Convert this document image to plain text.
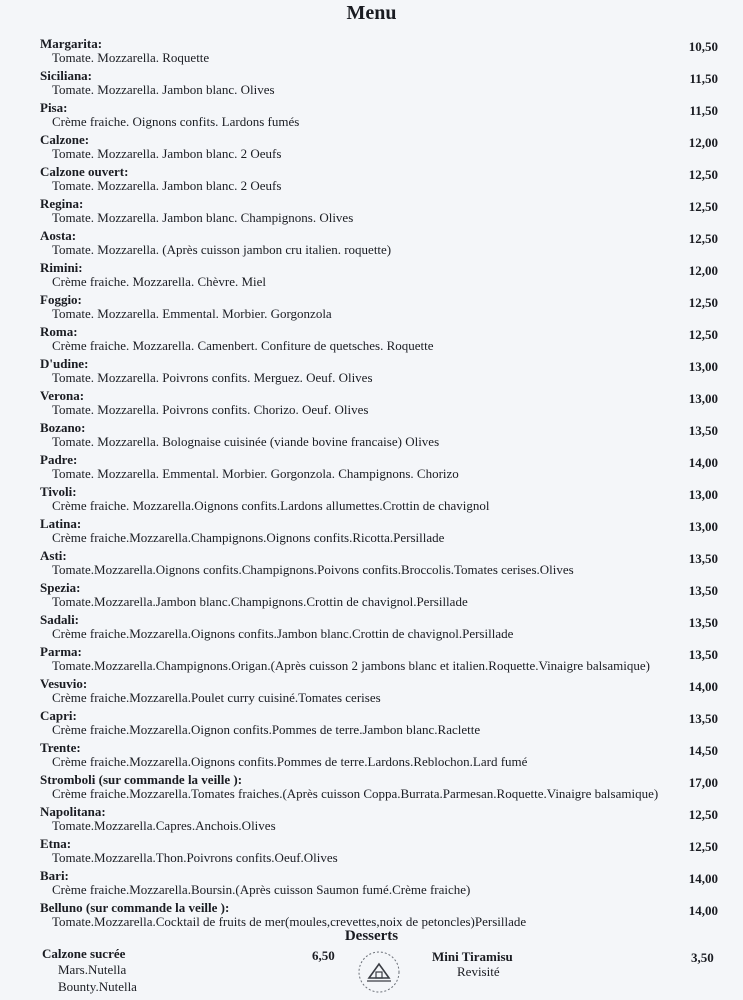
Menu
Margarita:
Tomate. Mozzarella. Roquette
10,50
Siciliana:
Tomate. Mozzarella. Jambon blanc. Olives
11,50
Pisa:
Crème fraiche. Oignons confits. Lardons fumés
11,50
Calzone:
Tomate. Mozzarella. Jambon blanc. 2 Oeufs
12,00
Calzone ouvert:
Tomate. Mozzarella. Jambon blanc. 2 Oeufs
12,50
Regina:
Tomate. Mozzarella. Jambon blanc. Champignons. Olives
12,50
Aosta:
Tomate. Mozzarella. (Après cuisson jambon cru italien. roquette)
12,50
Rimini:
Crème fraiche. Mozzarella. Chèvre. Miel
12,00
Foggio:
Tomate. Mozzarella. Emmental. Morbier. Gorgonzola
12,50
Roma:
Crème fraiche. Mozzarella. Camenbert. Confiture de quetsches. Roquette
12,50
D'udine:
Tomate. Mozzarella. Poivrons confits. Merguez. Oeuf. Olives
13,00
Verona:
Tomate. Mozzarella. Poivrons confits. Chorizo. Oeuf. Olives
13,00
Bozano:
Tomate. Mozzarella. Bolognaise cuisinée (viande bovine francaise) Olives
13,50
Padre:
Tomate. Mozzarella. Emmental. Morbier. Gorgonzola. Champignons. Chorizo
14,00
Tivoli:
Crème fraiche. Mozzarella.Oignons confits.Lardons allumettes.Crottin de chavignol
13,00
Latina:
Crème fraiche.Mozzarella.Champignons.Oignons confits.Ricotta.Persillade
13,00
Asti:
Tomate.Mozzarella.Oignons confits.Champignons.Poivons confits.Broccolis.Tomates cerises.Olives
13,50
Spezia:
Tomate.Mozzarella.Jambon blanc.Champignons.Crottin de chavignol.Persillade
13,50
Sadali:
Crème fraiche.Mozzarella.Oignons confits.Jambon blanc.Crottin de chavignol.Persillade
13,50
Parma:
Tomate.Mozzarella.Champignons.Origan.(Après cuisson 2 jambons blanc et italien.Roquette.Vinaigre balsamique)
13,50
Vesuvio:
Crème fraiche.Mozzarella.Poulet curry cuisiné.Tomates cerises
14,00
Capri:
Crème fraiche.Mozzarella.Oignon confits.Pommes de terre.Jambon blanc.Raclette
13,50
Trente:
Crème fraiche.Mozzarella.Oignons confits.Pommes de terre.Lardons.Reblochon.Lard fumé
14,50
Stromboli (sur commande la veille ):
Crème fraiche.Mozzarella.Tomates fraiches.(Après cuisson Coppa.Burrata.Parmesan.Roquette.Vinaigre balsamique)
17,00
Napolitana:
Tomate.Mozzarella.Capres.Anchois.Olives
12,50
Etna:
Tomate.Mozzarella.Thon.Poivrons confits.Oeuf.Olives
12,50
Bari:
Crème fraiche.Mozzarella.Boursin.(Après cuisson Saumon fumé.Crème fraiche)
14,00
Belluno (sur commande la veille ):
Tomate.Mozzarella.Cocktail de fruits de mer(moules,crevettes,noix de petoncles)Persillade
14,00
Desserts
Calzone sucrée	6,50
Mars.Nutella
Bounty.Nutella
Mini Tiramisu	3,50
Revisité
